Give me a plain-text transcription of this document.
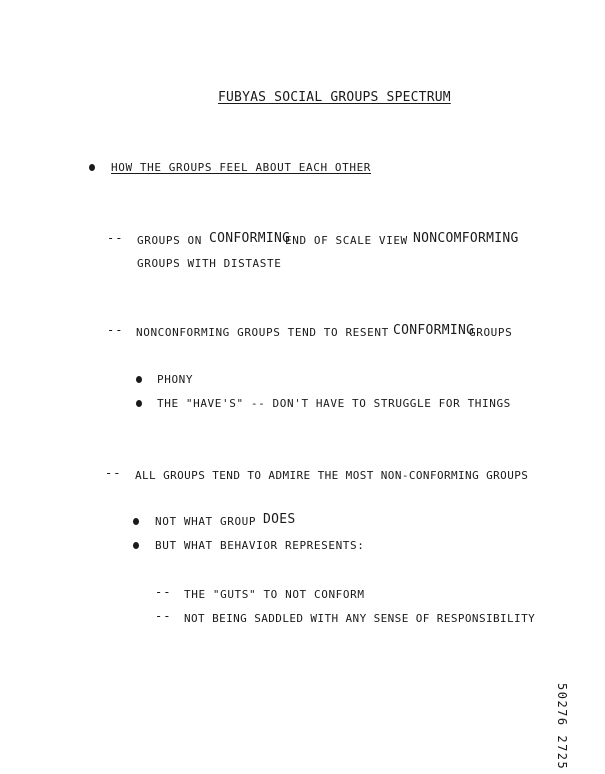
FUBYAS SOCIAL GROUPS SPECTRUM
HOW THE GROUPS FEEL ABOUT EACH OTHER
-- GROUPS ON CONFORMING
END OF SCALE VIEW NONCOMFORMING
GROUPS WITH DISTASTE
-- NONCONFORMING GROUPS TEND TO RESENT CONFORMING
GROUPS
PHONY
THE "HAVE'S" -- DON'T HAVE TO STRUGGLE FOR THINGS
-- ALL GROUPS TEND TO ADMIRE THE MOST NON-CONFORMING GROUPS
NOT WHAT GROUP DOES
BUT WHAT BEHAVIOR REPRESENTS:
-- THE "GUTS" TO NOT CONFORM
-- NOT BEING SADDLED WITH ANY SENSE OF RESPONSIBILITY
50276 2725
